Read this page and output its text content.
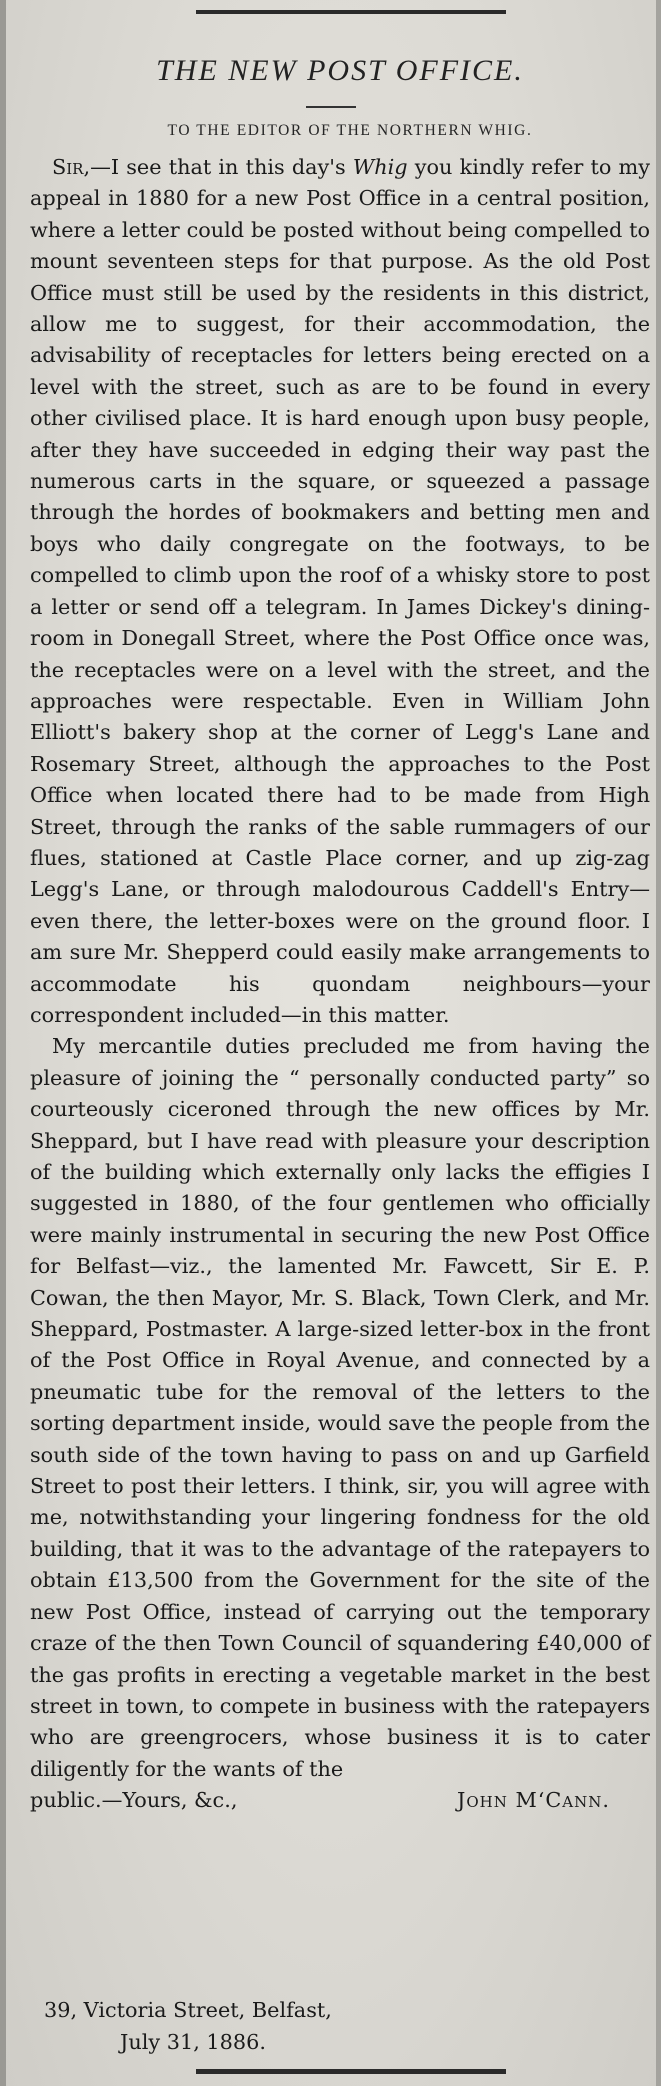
THE NEW POST OFFICE.
TO THE EDITOR OF THE NORTHERN WHIG.

Sir,—I see that in this day's Whig you kindly refer to my appeal in 1880 for a new Post Office in a central position, where a letter could be posted without being compelled to mount seventeen steps for that purpose. As the old Post Office must still be used by the residents in this district, allow me to suggest, for their accommodation, the advisability of receptacles for letters being erected on a level with the street, such as are to be found in every other civilised place. It is hard enough upon busy people, after they have succeeded in edging their way past the numerous carts in the square, or squeezed a passage through the hordes of bookmakers and betting men and boys who daily congregate on the footways, to be compelled to climb upon the roof of a whisky store to post a letter or send off a telegram. In James Dickey's dining-room in Donegall Street, where the Post Office once was, the receptacles were on a level with the street, and the approaches were respectable. Even in William John Elliott's bakery shop at the corner of Legg's Lane and Rosemary Street, although the approaches to the Post Office when located there had to be made from High Street, through the ranks of the sable rummagers of our flues, stationed at Castle Place corner, and up zig-zag Legg's Lane, or through malodourous Caddell's Entry—even there, the letter-boxes were on the ground floor. I am sure Mr. Shepperd could easily make arrangements to accommodate his quondam neighbours—your correspondent included—in this matter.

My mercantile duties precluded me from having the pleasure of joining the “ personally conducted party” so courteously ciceroned through the new offices by Mr. Sheppard, but I have read with pleasure your description of the building which externally only lacks the effigies I suggested in 1880, of the four gentlemen who officially were mainly instrumental in securing the new Post Office for Belfast—viz., the lamented Mr. Fawcett, Sir E. P. Cowan, the then Mayor, Mr. S. Black, Town Clerk, and Mr. Sheppard, Postmaster. A large-sized letter-box in the front of the Post Office in Royal Avenue, and connected by a pneumatic tube for the removal of the letters to the sorting department inside, would save the people from the south side of the town having to pass on and up Garfield Street to post their letters. I think, sir, you will agree with me, notwithstanding your lingering fondness for the old building, that it was to the advantage of the ratepayers to obtain £13,500 from the Government for the site of the new Post Office, instead of carrying out the temporary craze of the then Town Council of squandering £40,000 of the gas profits in erecting a vegetable market in the best street in town, to compete in business with the ratepayers who are greengrocers, whose business it is to cater diligently for the wants of the

public.—Yours, &c.,	John M‘Cann.
39, Victoria Street, Belfast,
July 31, 1886.
